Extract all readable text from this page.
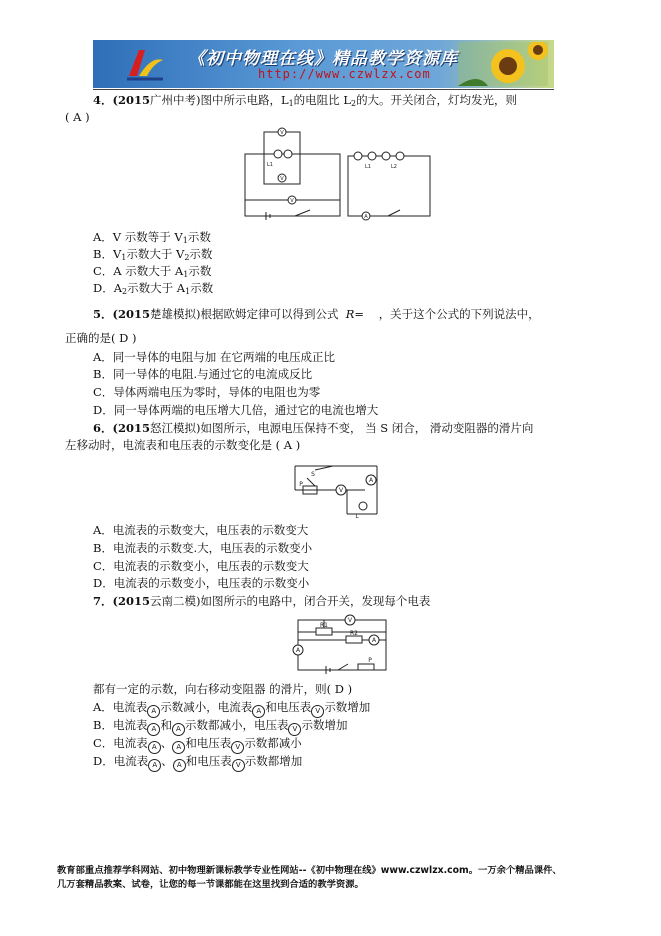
《初中物理在线》精品教学资源库
http://www.czwlzx.com
4．(2015广州中考)图中所示电路，$L_1$的电阻比 $L_2$的大。开关闭合，灯均发光，则
( A )
V
V
V
A
L1	L1	L2
A．V 示数等于 $V_1$示数
B．$V_1$示数大于 $V_2$示数
C．A 示数大于 $A_1$示数
D．$A_2$示数大于 $A_1$示数
5．(2015楚雄模拟)根据欧姆定律可以得到公式 R= ，关于这个公式的下列说法中，
正确的是( D )
A．同一导体的电阻与加 在它两端的电压成正比
B．同一导体的电阻.与通过它的电流成反比
C．导体两端电压为零时，导体的电阻也为零
D．同一导体两端的电压增大几倍，通过它的电流也增大
6．(2015怒江模拟)如图所示，电源电压保持不变， 当 S 闭合， 滑动变阻器的滑片向
左移动时，电流表和电压表的示数变化是 ( A )
V
A
S
P
L
A．电流表的示数变大，电压表的示数变大
B．电流表的示数变.大，电压表的示数变小
C．电流表的示数变小，电压表的示数变大
D．电流表的示数变小，电压表的示数变小
7．(2015云南二模)如图所示的电路中，闭合开关，发现每个电表
V
A
A
R1
R2
P
都有一定的示数，向右移动变阻器 的滑片，则( D )
A．电流表 A 示数减小，电流表 A 和电压表 V 示数增加
B．电流表 A 和 A 示数都减小，电压表 V 示数增加
C．电流表 A 、 A 和电压表 V 示数都减小
D．电流表 A 、 A 和电压表 V 示数都增加
教育部重点推荐学科网站、初中物理新课标教学专业性网站--《初中物理在线》www.czwlzx.com。一万余个精品课件、
几万套精品教案、试卷，让您的每一节课都能在这里找到合适的教学资源。
